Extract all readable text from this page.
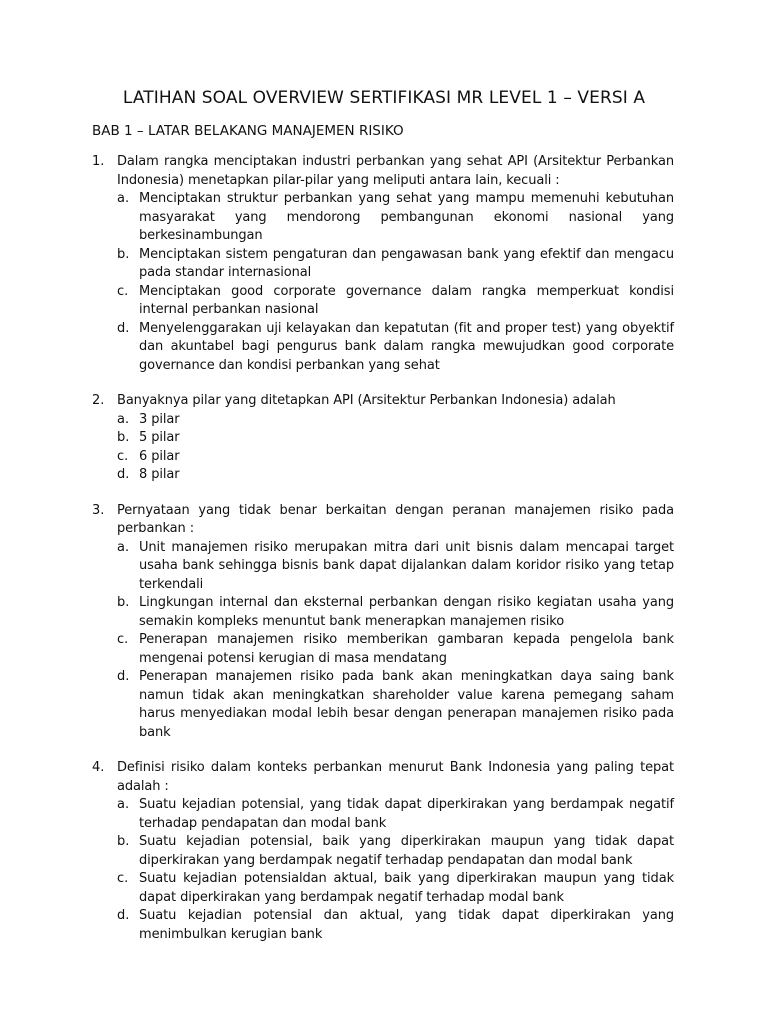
LATIHAN SOAL OVERVIEW SERTIFIKASI MR LEVEL 1 – VERSI A
BAB 1 – LATAR BELAKANG MANAJEMEN RISIKO
1. Dalam rangka menciptakan industri perbankan yang sehat API (Arsitektur Perbankan Indonesia) menetapkan pilar-pilar yang meliputi antara lain, kecuali :
a. Menciptakan struktur perbankan yang sehat yang mampu memenuhi kebutuhan masyarakat yang mendorong pembangunan ekonomi nasional yang berkesinambungan
b. Menciptakan sistem pengaturan dan pengawasan bank yang efektif dan mengacu pada standar internasional
c. Menciptakan good corporate governance dalam rangka memperkuat kondisi internal perbankan nasional
d. Menyelenggarakan uji kelayakan dan kepatutan (fit and proper test) yang obyektif dan akuntabel bagi pengurus bank dalam rangka mewujudkan good corporate governance dan kondisi perbankan yang sehat
2. Banyaknya pilar yang ditetapkan API (Arsitektur Perbankan Indonesia) adalah
a. 3 pilar
b. 5 pilar
c. 6 pilar
d. 8 pilar
3. Pernyataan yang tidak benar berkaitan dengan peranan manajemen risiko pada perbankan :
a. Unit manajemen risiko merupakan mitra dari unit bisnis dalam mencapai target usaha bank sehingga bisnis bank dapat dijalankan dalam koridor risiko yang tetap terkendali
b. Lingkungan internal dan eksternal perbankan dengan risiko kegiatan usaha yang semakin kompleks menuntut bank menerapkan manajemen risiko
c. Penerapan manajemen risiko memberikan gambaran kepada pengelola bank mengenai potensi kerugian di masa mendatang
d. Penerapan manajemen risiko pada bank akan meningkatkan daya saing bank namun tidak akan meningkatkan shareholder value karena pemegang saham harus menyediakan modal lebih besar dengan penerapan manajemen risiko pada bank
4. Definisi risiko dalam konteks perbankan menurut Bank Indonesia yang paling tepat adalah :
a. Suatu kejadian potensial, yang tidak dapat diperkirakan yang berdampak negatif terhadap pendapatan dan modal bank
b. Suatu kejadian potensial, baik yang diperkirakan maupun yang tidak dapat diperkirakan yang berdampak negatif terhadap pendapatan dan modal bank
c. Suatu kejadian potensialdan aktual, baik yang diperkirakan maupun yang tidak dapat diperkirakan yang berdampak negatif terhadap modal bank
d. Suatu kejadian potensial dan aktual, yang tidak dapat diperkirakan yang menimbulkan kerugian bank
